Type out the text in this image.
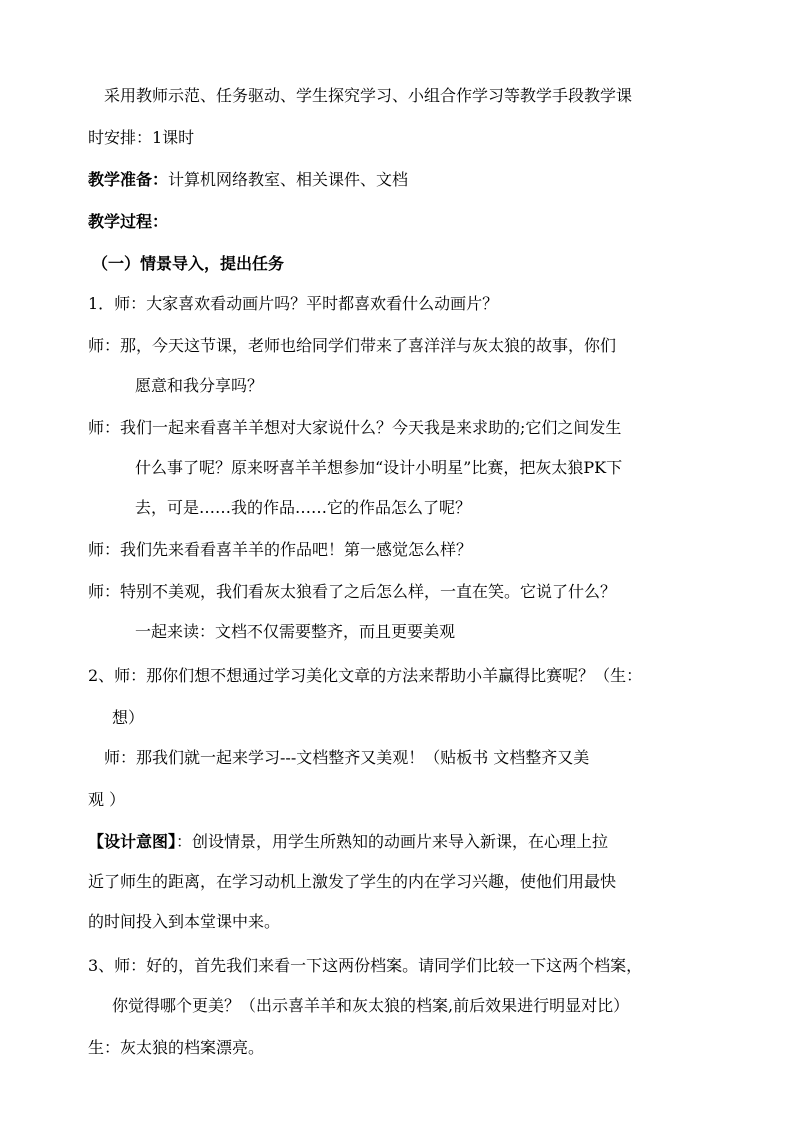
采用教师示范、任务驱动、学生探究学习、小组合作学习等教学手段教学课
时安排：1课时
教学准备：计算机网络教室、相关课件、文档
教学过程：
（一）情景导入，提出任务
1．师：大家喜欢看动画片吗？平时都喜欢看什么动画片？
师：那，今天这节课，老师也给同学们带来了喜洋洋与灰太狼的故事，你们
愿意和我分享吗？
师：我们一起来看喜羊羊想对大家说什么？今天我是来求助的;它们之间发生
什么事了呢？原来呀喜羊羊想参加“设计小明星”比赛，把灰太狼PK下
去，可是……我的作品……它的作品怎么了呢？
师：我们先来看看喜羊羊的作品吧！第一感觉怎么样？
师：特别不美观，我们看灰太狼看了之后怎么样，一直在笑。它说了什么？
一起来读：文档不仅需要整齐，而且更要美观
2、师：那你们想不想通过学习美化文章的方法来帮助小羊赢得比赛呢？（生：
想）
师：那我们就一起来学习---文档整齐又美观！（贴板书 文档整齐又美
观 ）
【设计意图】：创设情景，用学生所熟知的动画片来导入新课，在心理上拉
近了师生的距离，在学习动机上激发了学生的内在学习兴趣，使他们用最快
的时间投入到本堂课中来。
3、师：好的，首先我们来看一下这两份档案。请同学们比较一下这两个档案，
你觉得哪个更美？（出示喜羊羊和灰太狼的档案,前后效果进行明显对比）
生：灰太狼的档案漂亮。
